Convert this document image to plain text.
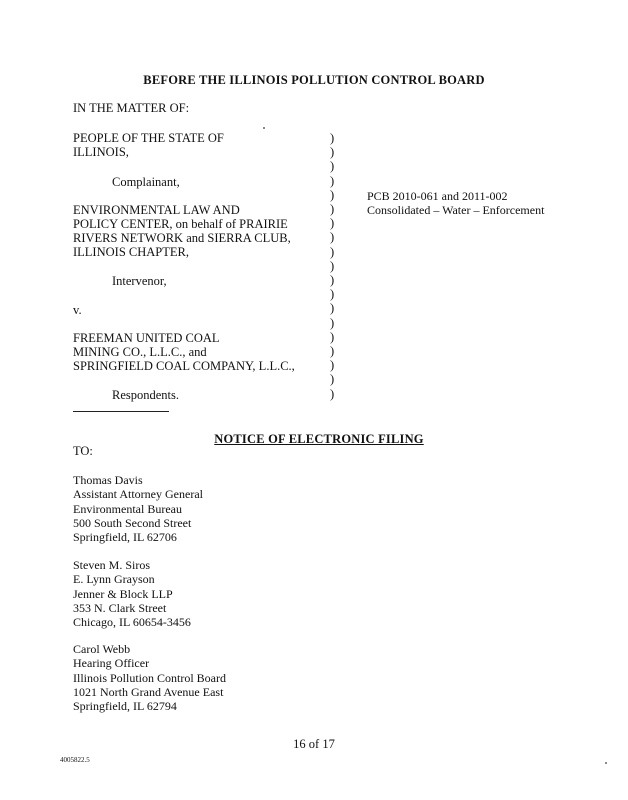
BEFORE THE ILLINOIS POLLUTION CONTROL BOARD
IN THE MATTER OF:
PEOPLE OF THE STATE OF
ILLINOIS,
Complainant,
ENVIRONMENTAL LAW AND
POLICY CENTER, on behalf of PRAIRIE
RIVERS NETWORK and SIERRA CLUB,
ILLINOIS CHAPTER,
Intervenor,
v.
FREEMAN UNITED COAL
MINING CO., L.L.C., and
SPRINGFIELD COAL COMPANY, L.L.C.,
Respondents.
)
)
)
)
)
)
)
)
)
)
)
)
)
)
)
)
)
)
)
PCB 2010-061 and 2011-002
Consolidated – Water – Enforcement
NOTICE OF ELECTRONIC FILING
TO:
Thomas Davis
Assistant Attorney General
Environmental Bureau
500 South Second Street
Springfield, IL 62706
Steven M. Siros
E. Lynn Grayson
Jenner & Block LLP
353 N. Clark Street
Chicago, IL 60654-3456
Carol Webb
Hearing Officer
Illinois Pollution Control Board
1021 North Grand Avenue East
Springfield, IL 62794
16 of 17
4005822.5
